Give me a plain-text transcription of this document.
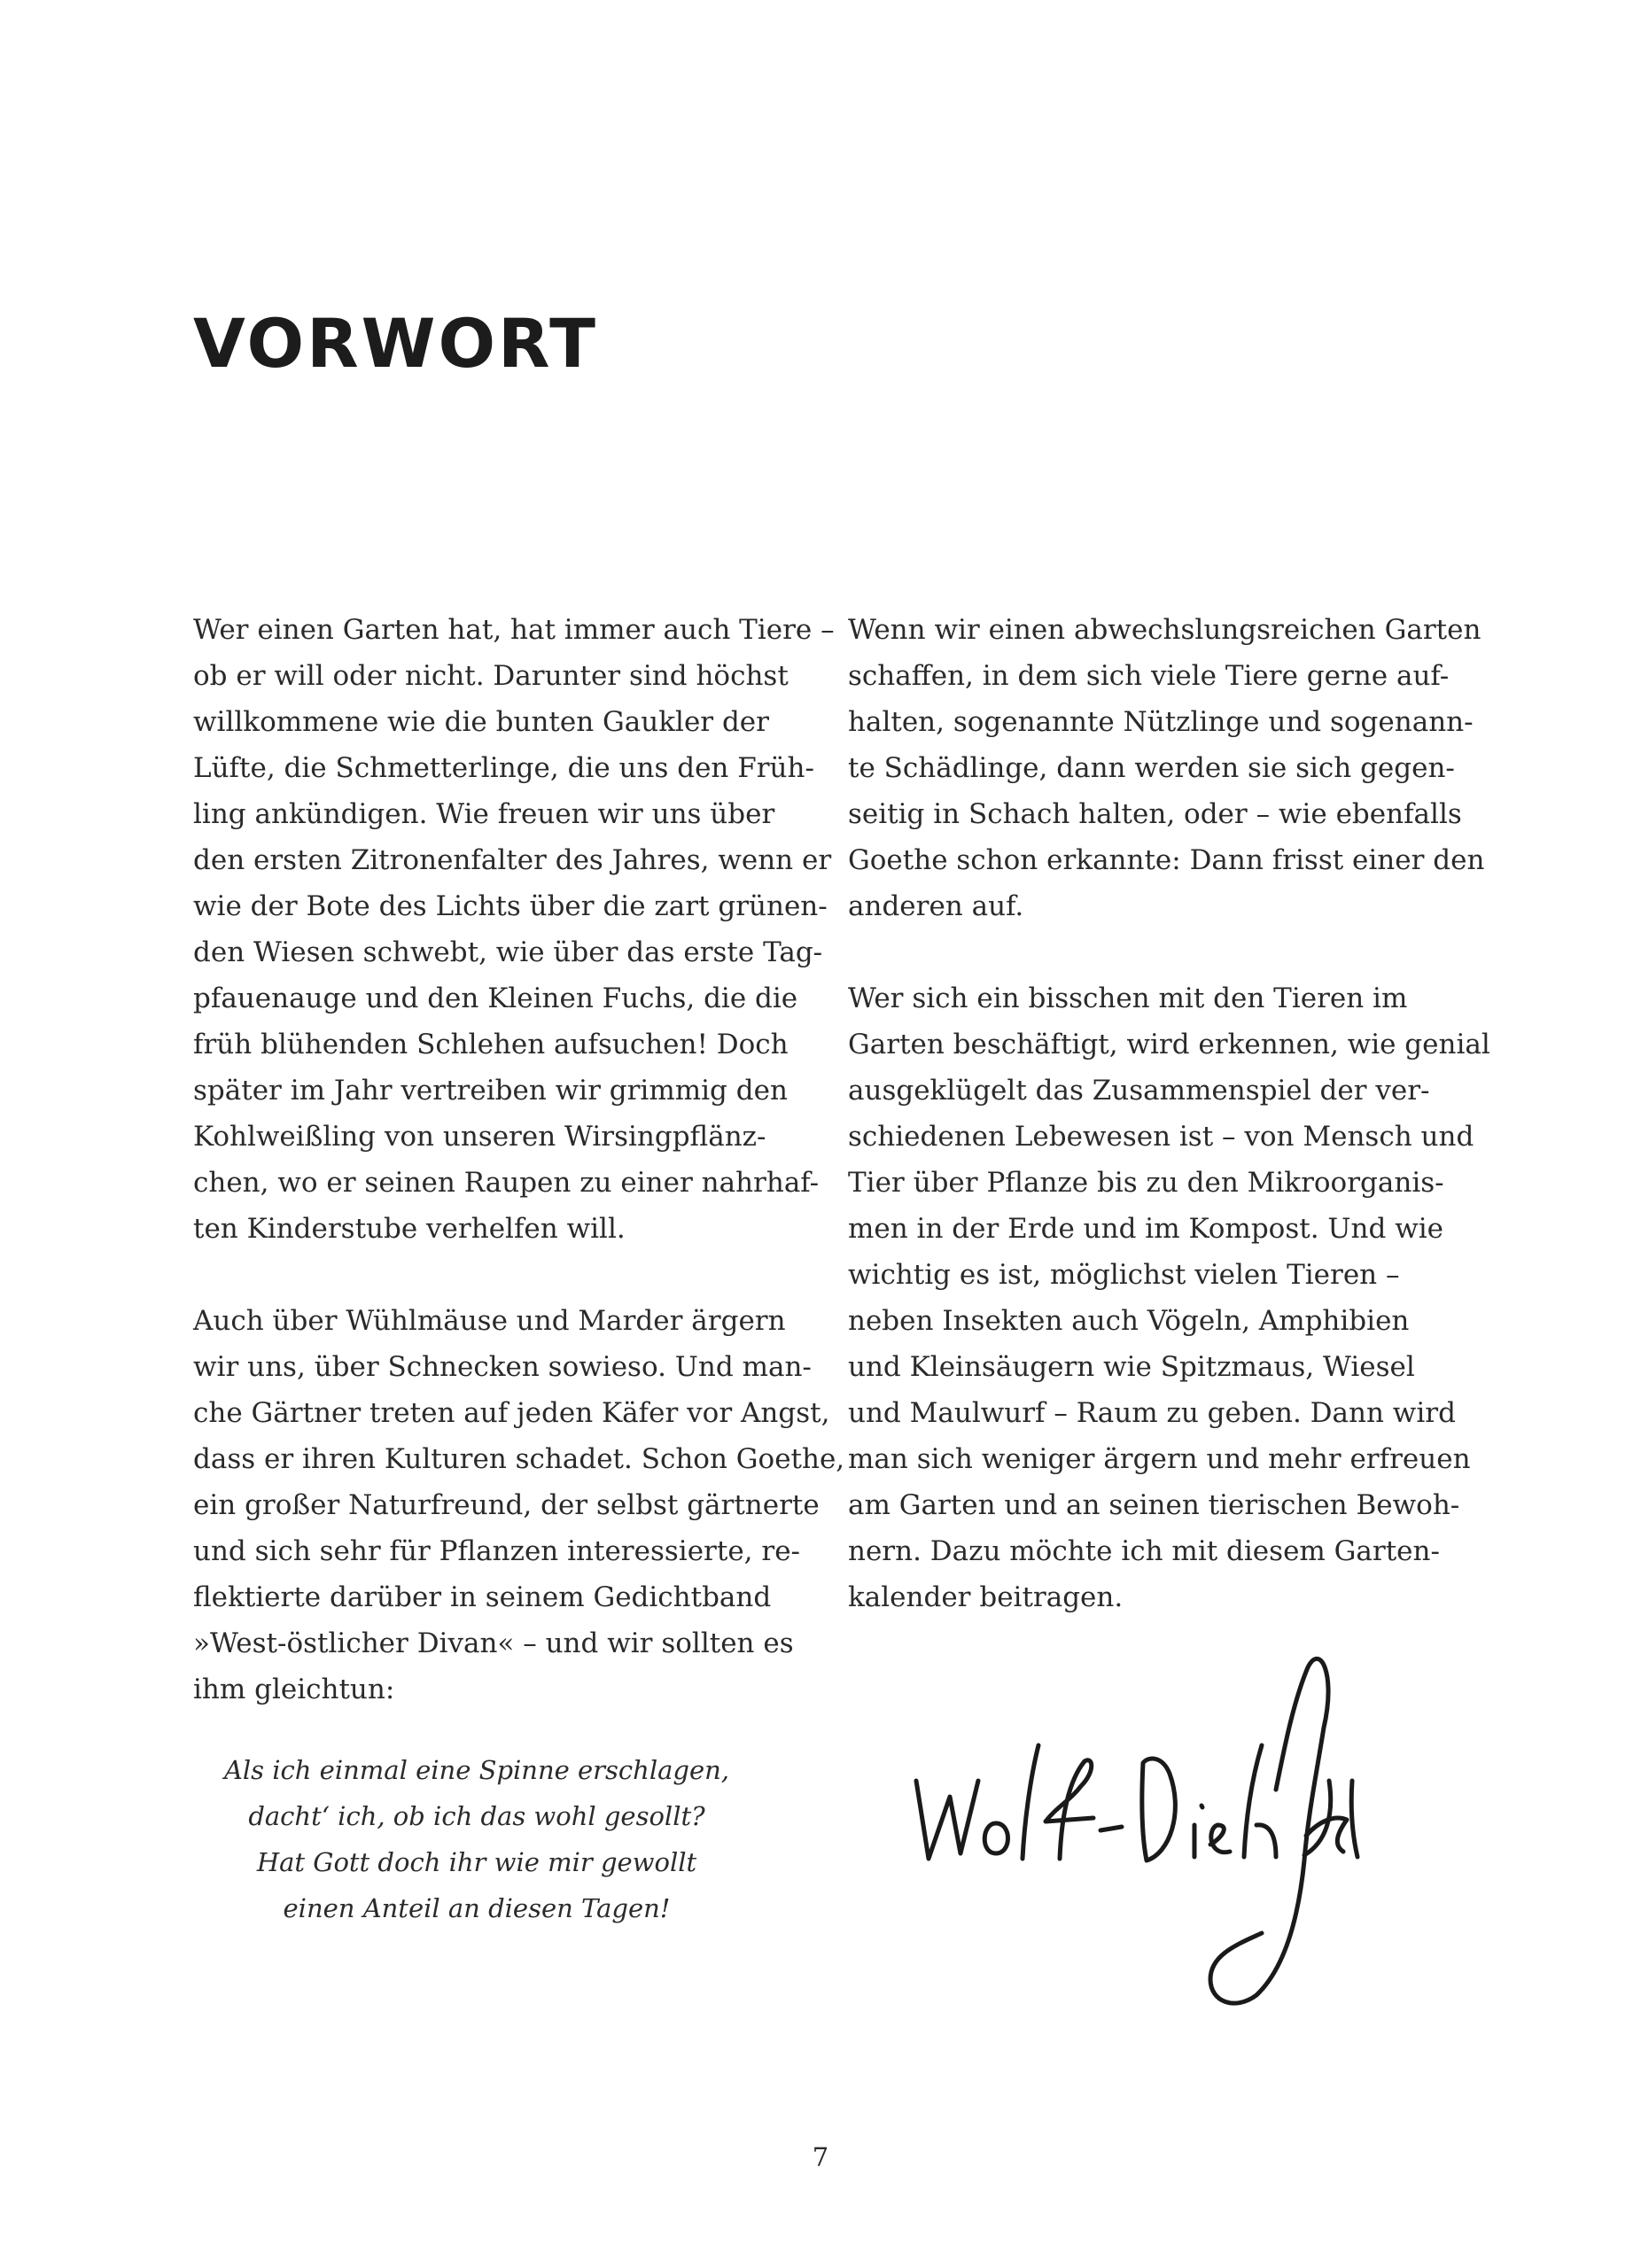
VORWORT
Wer einen Garten hat, hat immer auch Tiere –
ob er will oder nicht. Darunter sind höchst
willkommene wie die bunten Gaukler der
Lüfte, die Schmetterlinge, die uns den Früh-
ling ankündigen. Wie freuen wir uns über
den ersten Zitronenfalter des Jahres, wenn er
wie der Bote des Lichts über die zart grünen-
den Wiesen schwebt, wie über das erste Tag-
pfauenauge und den Kleinen Fuchs, die die
früh blühenden Schlehen aufsuchen! Doch
später im Jahr vertreiben wir grimmig den
Kohlweißling von unseren Wirsingpflänz-
chen, wo er seinen Raupen zu einer nahrhaf-
ten Kinderstube verhelfen will.
Auch über Wühlmäuse und Marder ärgern
wir uns, über Schnecken sowieso. Und man-
che Gärtner treten auf jeden Käfer vor Angst,
dass er ihren Kulturen schadet. Schon Goethe,
ein großer Naturfreund, der selbst gärtnerte
und sich sehr für Pflanzen interessierte, re-
flektierte darüber in seinem Gedichtband
»West-östlicher Divan« – und wir sollten es
ihm gleichtun:
Als ich einmal eine Spinne erschlagen,
dacht‘ ich, ob ich das wohl gesollt?
Hat Gott doch ihr wie mir gewollt
einen Anteil an diesen Tagen!
Wenn wir einen abwechslungsreichen Garten
schaffen, in dem sich viele Tiere gerne auf-
halten, sogenannte Nützlinge und sogenann-
te Schädlinge, dann werden sie sich gegen-
seitig in Schach halten, oder – wie ebenfalls
Goethe schon erkannte: Dann frisst einer den
anderen auf.
Wer sich ein bisschen mit den Tieren im
Garten beschäftigt, wird erkennen, wie genial
ausgeklügelt das Zusammenspiel der ver-
schiedenen Lebewesen ist – von Mensch und
Tier über Pflanze bis zu den Mikroorganis-
men in der Erde und im Kompost. Und wie
wichtig es ist, möglichst vielen Tieren –
neben Insekten auch Vögeln, Amphibien
und Kleinsäugern wie Spitzmaus, Wiesel
und Maulwurf – Raum zu geben. Dann wird
man sich weniger ärgern und mehr erfreuen
am Garten und an seinen tierischen Bewoh-
nern. Dazu möchte ich mit diesem Garten-
kalender beitragen.
7
